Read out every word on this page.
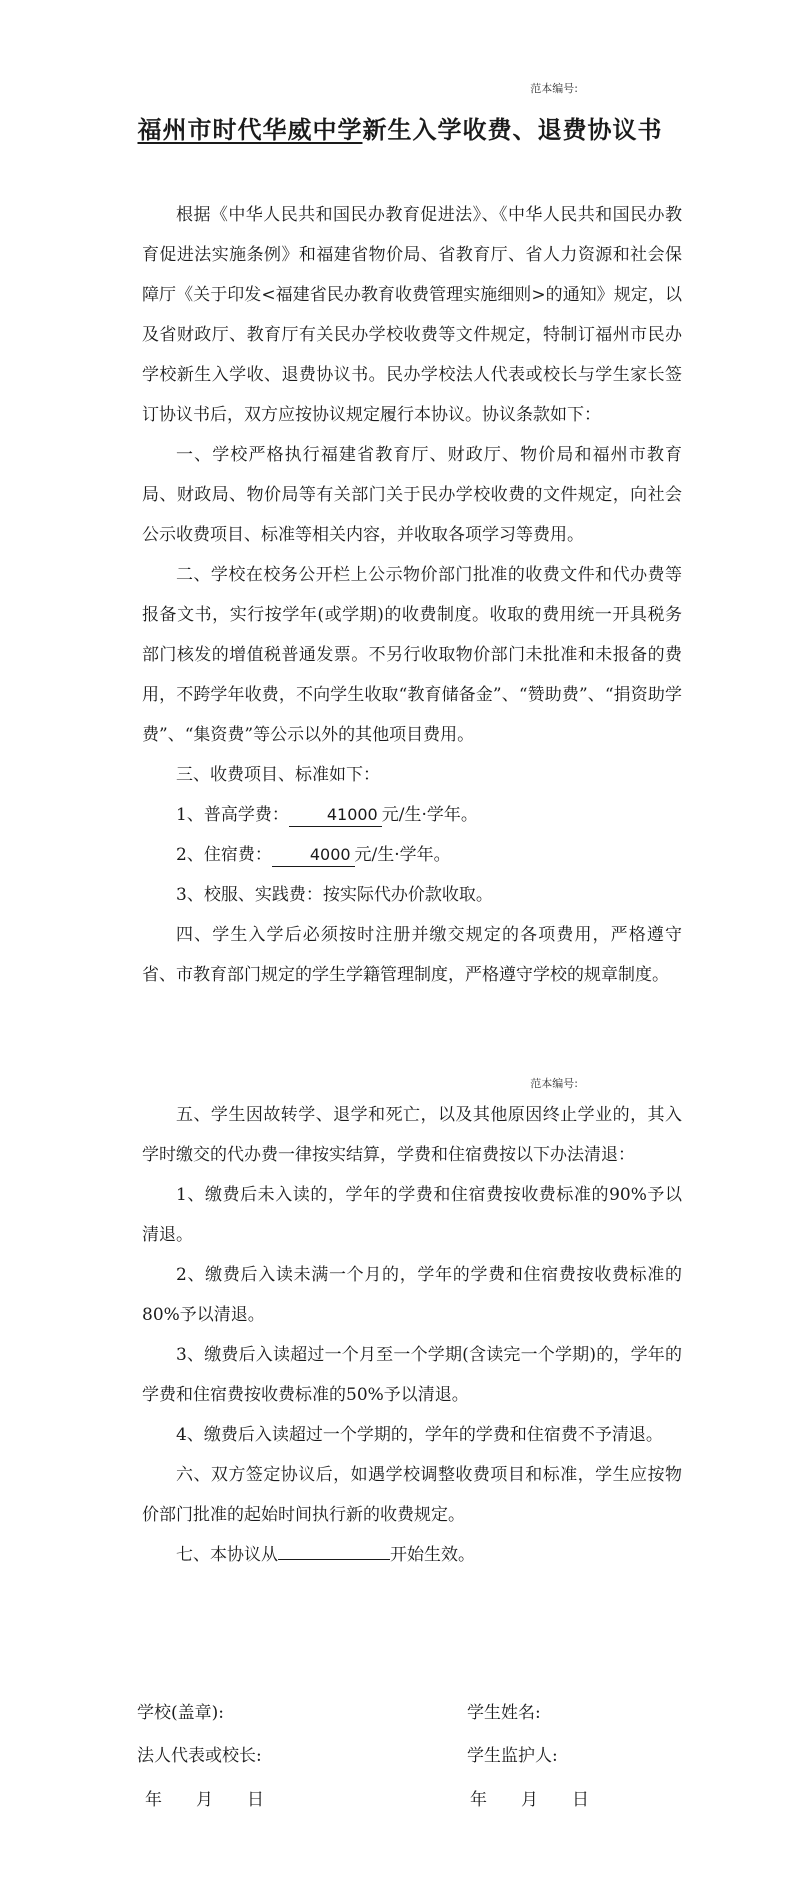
范本编号:
福州市时代华威中学新生入学收费、退费协议书

根据《中华人民共和国民办教育促进法》、《中华人民共和国民办教育促进法实施条例》和福建省物价局、省教育厅、省人力资源和社会保障厅《关于印发<福建省民办教育收费管理实施细则>的通知》规定，以及省财政厅、教育厅有关民办学校收费等文件规定，特制订福州市民办学校新生入学收、退费协议书。民办学校法人代表或校长与学生家长签订协议书后，双方应按协议规定履行本协议。协议条款如下：

一、学校严格执行福建省教育厅、财政厅、物价局和福州市教育局、财政局、物价局等有关部门关于民办学校收费的文件规定，向社会公示收费项目、标准等相关内容，并收取各项学习等费用。

二、学校在校务公开栏上公示物价部门批准的收费文件和代办费等报备文书，实行按学年(或学期)的收费制度。收取的费用统一开具税务部门核发的增值税普通发票。不另行收取物价部门未批准和未报备的费用，不跨学年收费，不向学生收取“教育储备金”、“赞助费”、“捐资助学费”、“集资费”等公示以外的其他项目费用。

三、收费项目、标准如下：

1、普高学费： 41000 元/生·学年。

2、住宿费： 4000 元/生·学年。

3、校服、实践费：按实际代办价款收取。

四、学生入学后必须按时注册并缴交规定的各项费用，严格遵守省、市教育部门规定的学生学籍管理制度，严格遵守学校的规章制度。

范本编号:

五、学生因故转学、退学和死亡，以及其他原因终止学业的，其入学时缴交的代办费一律按实结算，学费和住宿费按以下办法清退：

1、缴费后未入读的，学年的学费和住宿费按收费标准的90%予以清退。

2、缴费后入读未满一个月的，学年的学费和住宿费按收费标准的80%予以清退。

3、缴费后入读超过一个月至一个学期(含读完一个学期)的，学年的学费和住宿费按收费标准的50%予以清退。

4、缴费后入读超过一个学期的，学年的学费和住宿费不予清退。

六、双方签定协议后，如遇学校调整收费项目和标准，学生应按物价部门批准的起始时间执行新的收费规定。

七、本协议从	开始生效。

学校(盖章):
法人代表或校长:
年　　月　　日
学生姓名:
学生监护人:
年　　月　　日
